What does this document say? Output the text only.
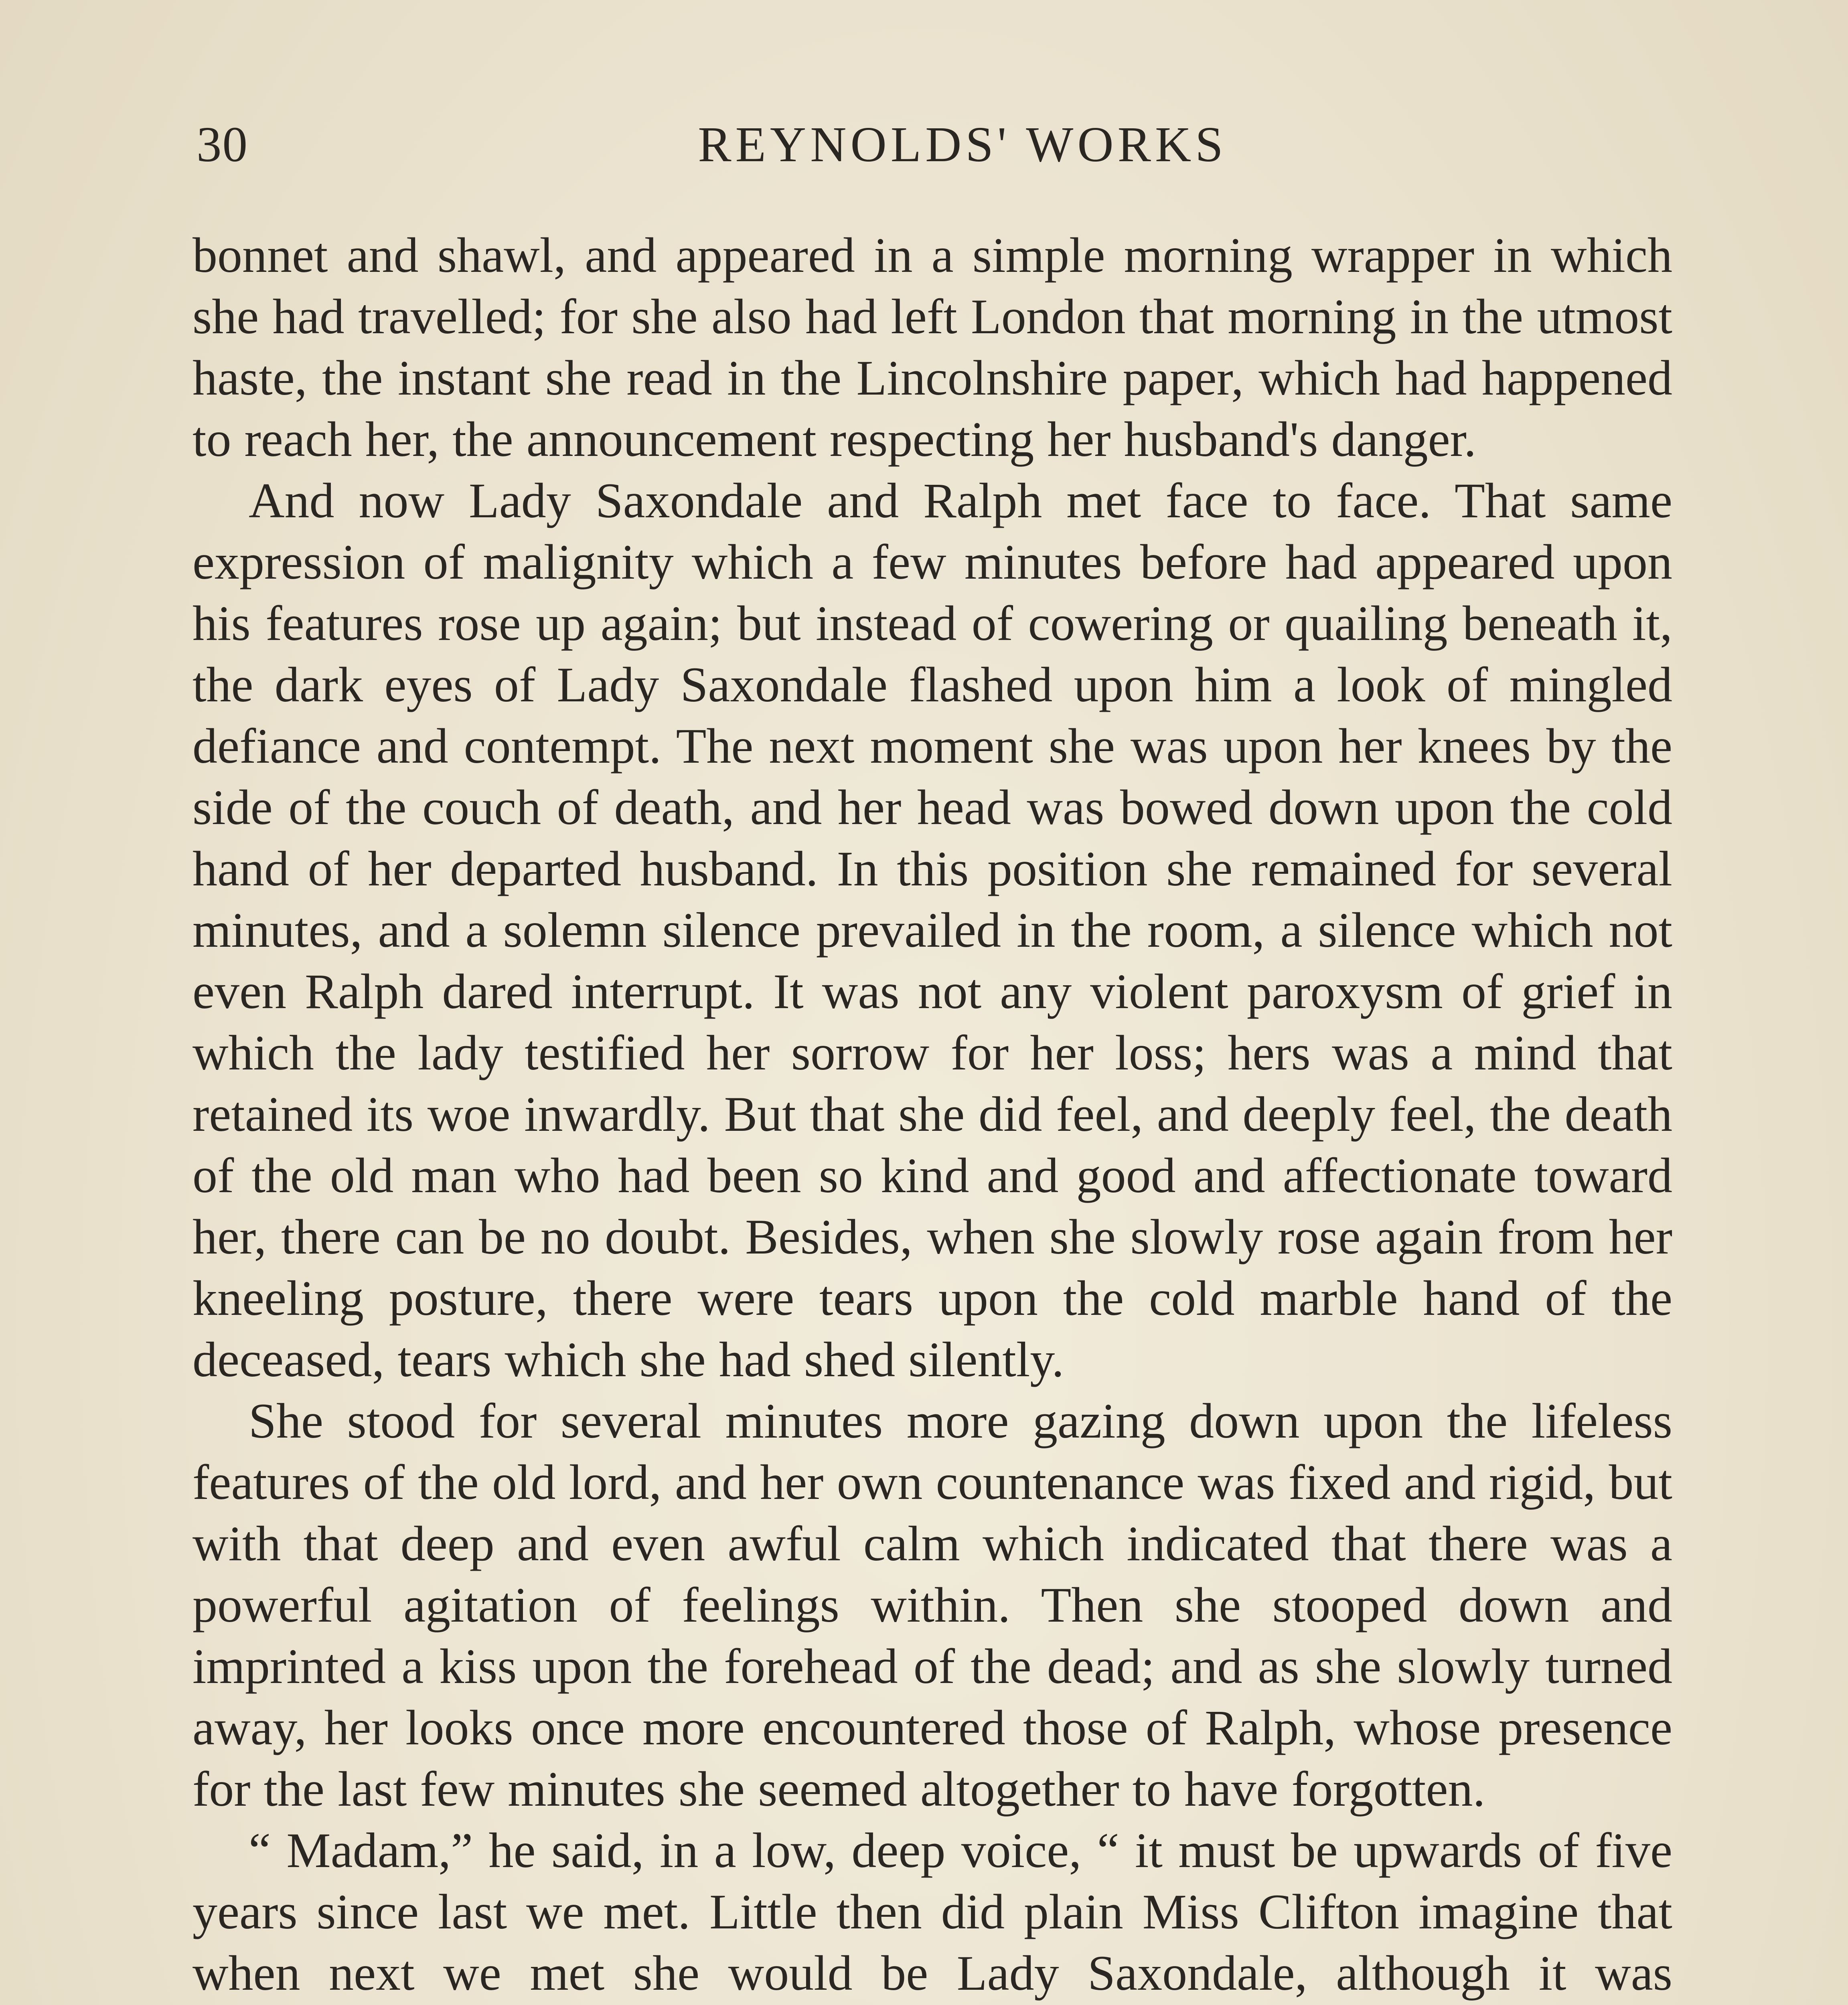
30	REYNOLDS' WORKS

bonnet and shawl, and appeared in a simple morning wrapper in which she had travelled; for she also had left London that morning in the utmost haste, the instant she read in the Lincolnshire paper, which had happened to reach her, the announcement respecting her husband's danger.

And now Lady Saxondale and Ralph met face to face. That same expression of malignity which a few minutes before had appeared upon his features rose up again; but instead of cowering or quailing beneath it, the dark eyes of Lady Saxondale flashed upon him a look of mingled defiance and contempt. The next moment she was upon her knees by the side of the couch of death, and her head was bowed down upon the cold hand of her departed husband. In this position she remained for several minutes, and a solemn silence prevailed in the room, a silence which not even Ralph dared interrupt. It was not any violent paroxysm of grief in which the lady testified her sorrow for her loss; hers was a mind that retained its woe inwardly. But that she did feel, and deeply feel, the death of the old man who had been so kind and good and affectionate toward her, there can be no doubt. Besides, when she slowly rose again from her kneeling posture, there were tears upon the cold marble hand of the deceased, tears which she had shed silently.

She stood for several minutes more gazing down upon the lifeless features of the old lord, and her own countenance was fixed and rigid, but with that deep and even awful calm which indicated that there was a powerful agitation of feelings within. Then she stooped down and imprinted a kiss upon the forehead of the dead; and as she slowly turned away, her looks once more encountered those of Ralph, whose presence for the last few minutes she seemed altogether to have forgotten.

“ Madam,” he said, in a low, deep voice, “ it must be upwards of five years since last we met. Little then did plain Miss Clifton imagine that when next we met she would be Lady Saxondale, although it was
